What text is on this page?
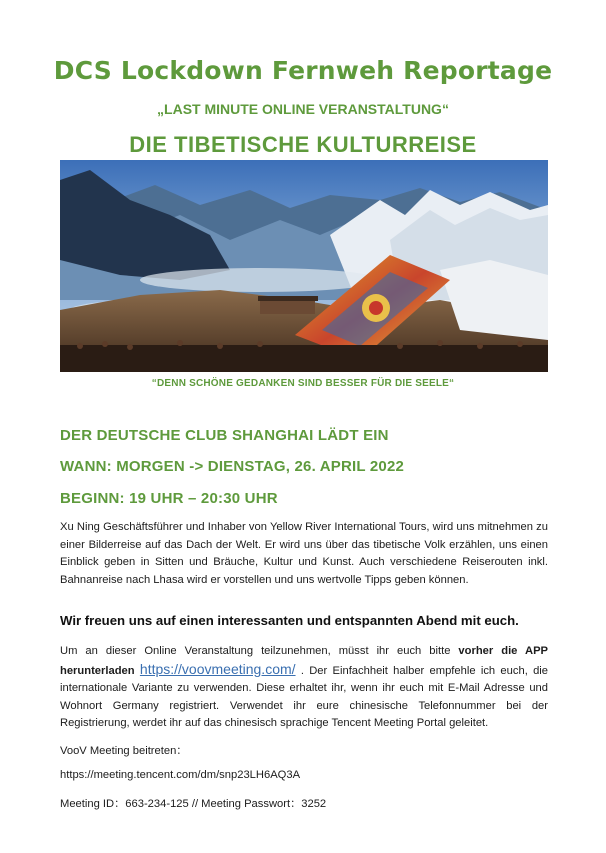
DCS Lockdown Fernweh Reportage
„LAST MINUTE ONLINE VERANSTALTUNG“
DIE TIBETISCHE KULTURREISE
“DENN SCHÖNE GEDANKEN SIND BESSER FÜR DIE SEELE“
DER DEUTSCHE CLUB SHANGHAI LÄDT EIN
WANN: MORGEN -> DIENSTAG, 26. APRIL 2022
BEGINN: 19 UHR – 20:30 UHR
Xu Ning Geschäftsführer und Inhaber von Yellow River International Tours, wird uns mitnehmen zu einer Bilderreise auf das Dach der Welt. Er wird uns über das tibetische Volk erzählen, uns einen Einblick geben in Sitten und Bräuche, Kultur und Kunst. Auch verschiedene Reiserouten inkl. Bahnanreise nach Lhasa wird er vorstellen und uns wertvolle Tipps geben können.
Wir freuen uns auf einen interessanten und entspannten Abend mit euch.
Um an dieser Online Veranstaltung teilzunehmen, müsst ihr euch bitte vorher die APP herunterladen https://voovmeeting.com/ . Der Einfachheit halber empfehle ich euch, die internationale Variante zu verwenden. Diese erhaltet ihr, wenn ihr euch mit E-Mail Adresse und Wohnort Germany registriert. Verwendet ihr eure chinesische Telefonnummer bei der Registrierung, werdet ihr auf das chinesisch sprachige Tencent Meeting Portal geleitet.
VooV Meeting beitreten：
https://meeting.tencent.com/dm/snp23LH6AQ3A
Meeting ID：663-234-125 // Meeting Passwort：3252
